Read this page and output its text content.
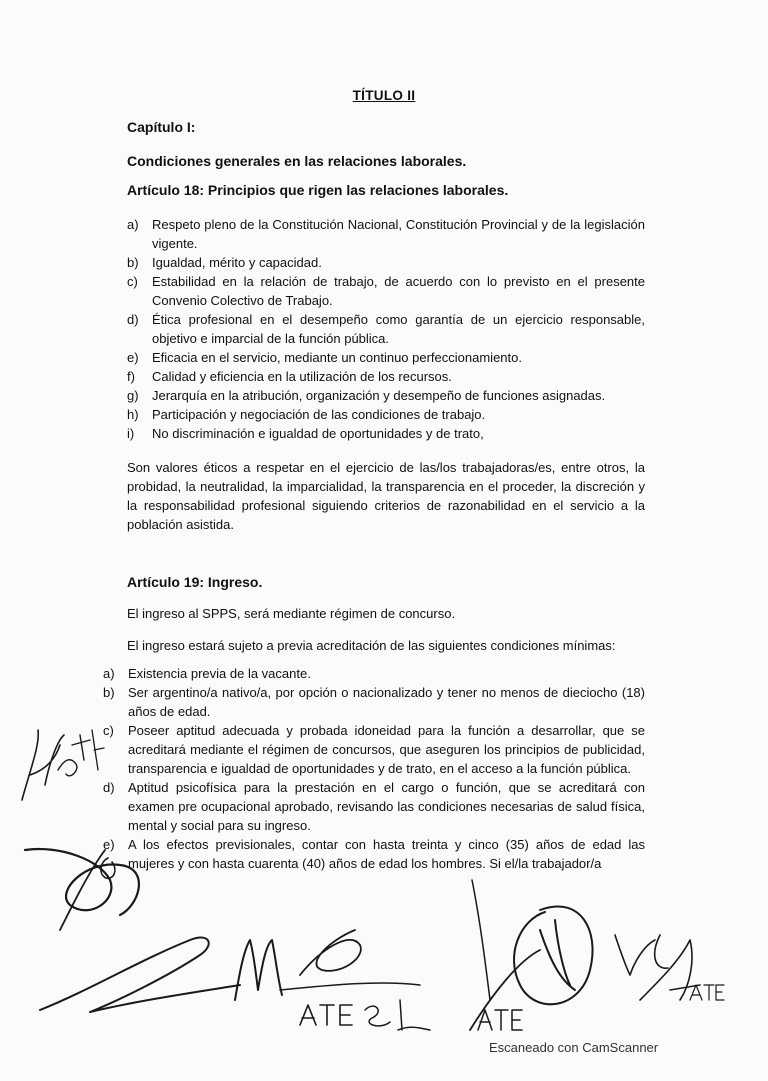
TÍTULO II
Capítulo I:
Condiciones generales en las relaciones laborales.
Artículo 18: Principios que rigen las relaciones laborales.
a) Respeto pleno de la Constitución Nacional, Constitución Provincial y de la legislación vigente.
b) Igualdad, mérito y capacidad.
c) Estabilidad en la relación de trabajo, de acuerdo con lo previsto en el presente Convenio Colectivo de Trabajo.
d) Ética profesional en el desempeño como garantía de un ejercicio responsable, objetivo e imparcial de la función pública.
e) Eficacia en el servicio, mediante un continuo perfeccionamiento.
f) Calidad y eficiencia en la utilización de los recursos.
g) Jerarquía en la atribución, organización y desempeño de funciones asignadas.
h) Participación y negociación de las condiciones de trabajo.
i) No discriminación e igualdad de oportunidades y de trato,
Son valores éticos a respetar en el ejercicio de las/los trabajadoras/es, entre otros, la probidad, la neutralidad, la imparcialidad, la transparencia en el proceder, la discreción y la responsabilidad profesional siguiendo criterios de razonabilidad en el servicio a la población asistida.
Artículo 19: Ingreso.
El ingreso al SPPS, será mediante régimen de concurso.
El ingreso estará sujeto a previa acreditación de las siguientes condiciones mínimas:
a) Existencia previa de la vacante.
b) Ser argentino/a nativo/a, por opción o nacionalizado y tener no menos de dieciocho (18) años de edad.
c) Poseer aptitud adecuada y probada idoneidad para la función a desarrollar, que se acreditará mediante el régimen de concursos, que aseguren los principios de publicidad, transparencia e igualdad de oportunidades y de trato, en el acceso a la función pública.
d) Aptitud psicofísica para la prestación en el cargo o función, que se acreditará con examen pre ocupacional aprobado, revisando las condiciones necesarias de salud física, mental y social para su ingreso.
e) A los efectos previsionales, contar con hasta treinta y cinco (35) años de edad las mujeres y con hasta cuarenta (40) años de edad los hombres. Si el/la trabajador/a
Escaneado con CamScanner
